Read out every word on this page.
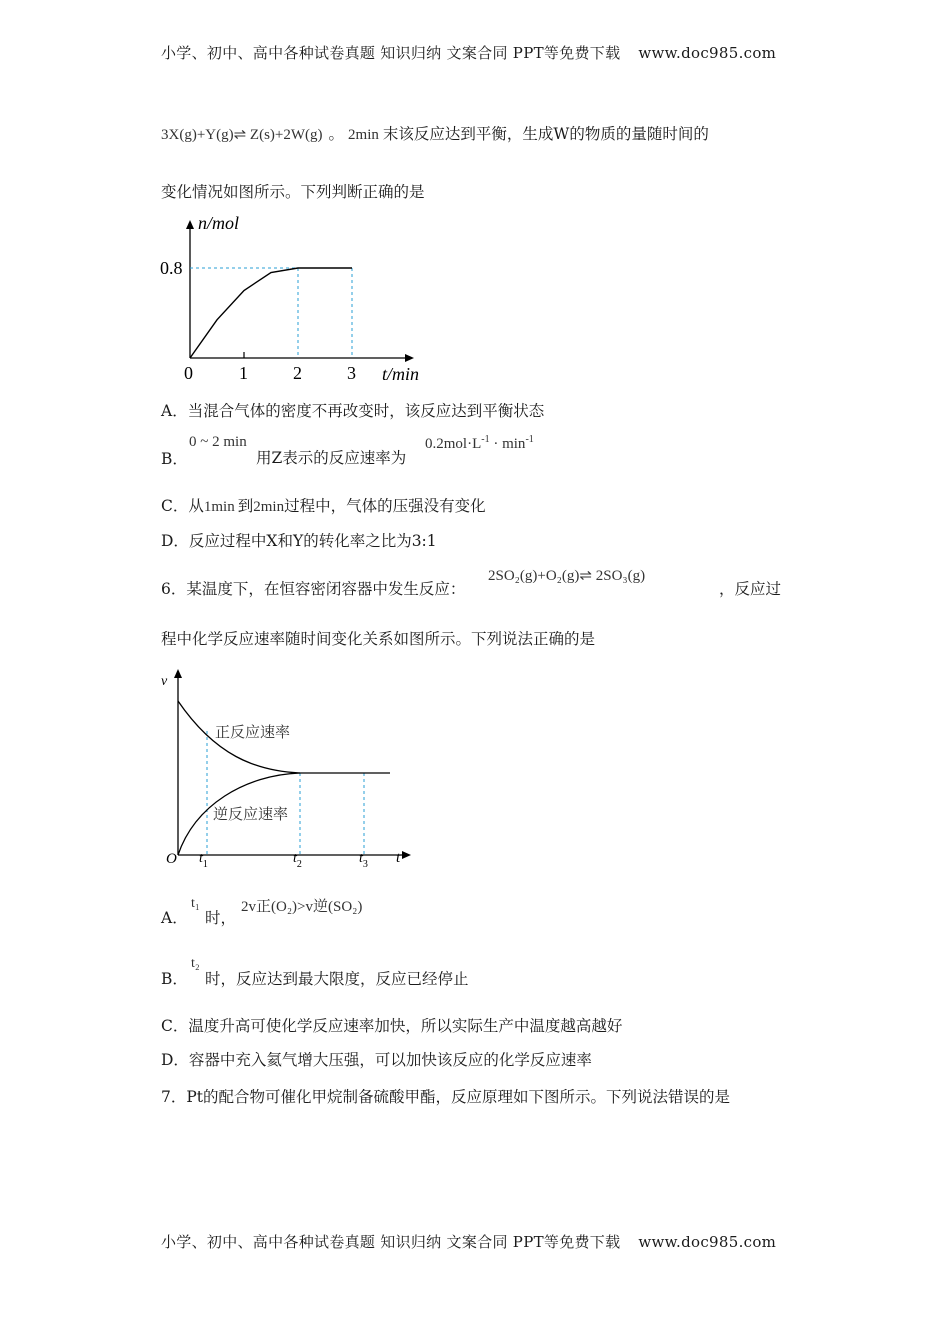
小学、初中、高中各种试卷真题 知识归纳 文案合同 PPT等免费下载 www.doc985.com
3X(g)+Y(g)⇌ Z(s)+2W(g) 。 2min 末该反应达到平衡，生成W的物质的量随时间的
变化情况如图所示。下列判断正确的是
n/mol
0.8
0	1	2	3 t/min
A．当混合气体的密度不再改变时，该反应达到平衡状态
B．
0 ~ 2 min
用Z表示的反应速率为
$0.2mol\cdot L^{-1} \cdot \min^{-1}$
C．从1min 到2min过程中，气体的压强没有变化
D．反应过程中X和Y的转化率之比为3:1
6．某温度下，在恒容密闭容器中发生反应：
2SO₂(g)+O₂(g)⇌ 2SO₃(g)
，反应过
程中化学反应速率随时间变化关系如图所示。下列说法正确的是
v
正反应速率
逆反应速率
O $t_1$	$t_2$	$t_3$ t
A．
t₁
时，
2v正(O₂)>v逆(SO₂)
B．
t₂
时，反应达到最大限度，反应已经停止
C．温度升高可使化学反应速率加快，所以实际生产中温度越高越好
D．容器中充入氦气增大压强，可以加快该反应的化学反应速率
7．Pt的配合物可催化甲烷制备硫酸甲酯，反应原理如下图所示。下列说法错误的是
小学、初中、高中各种试卷真题 知识归纳 文案合同 PPT等免费下载 www.doc985.com
